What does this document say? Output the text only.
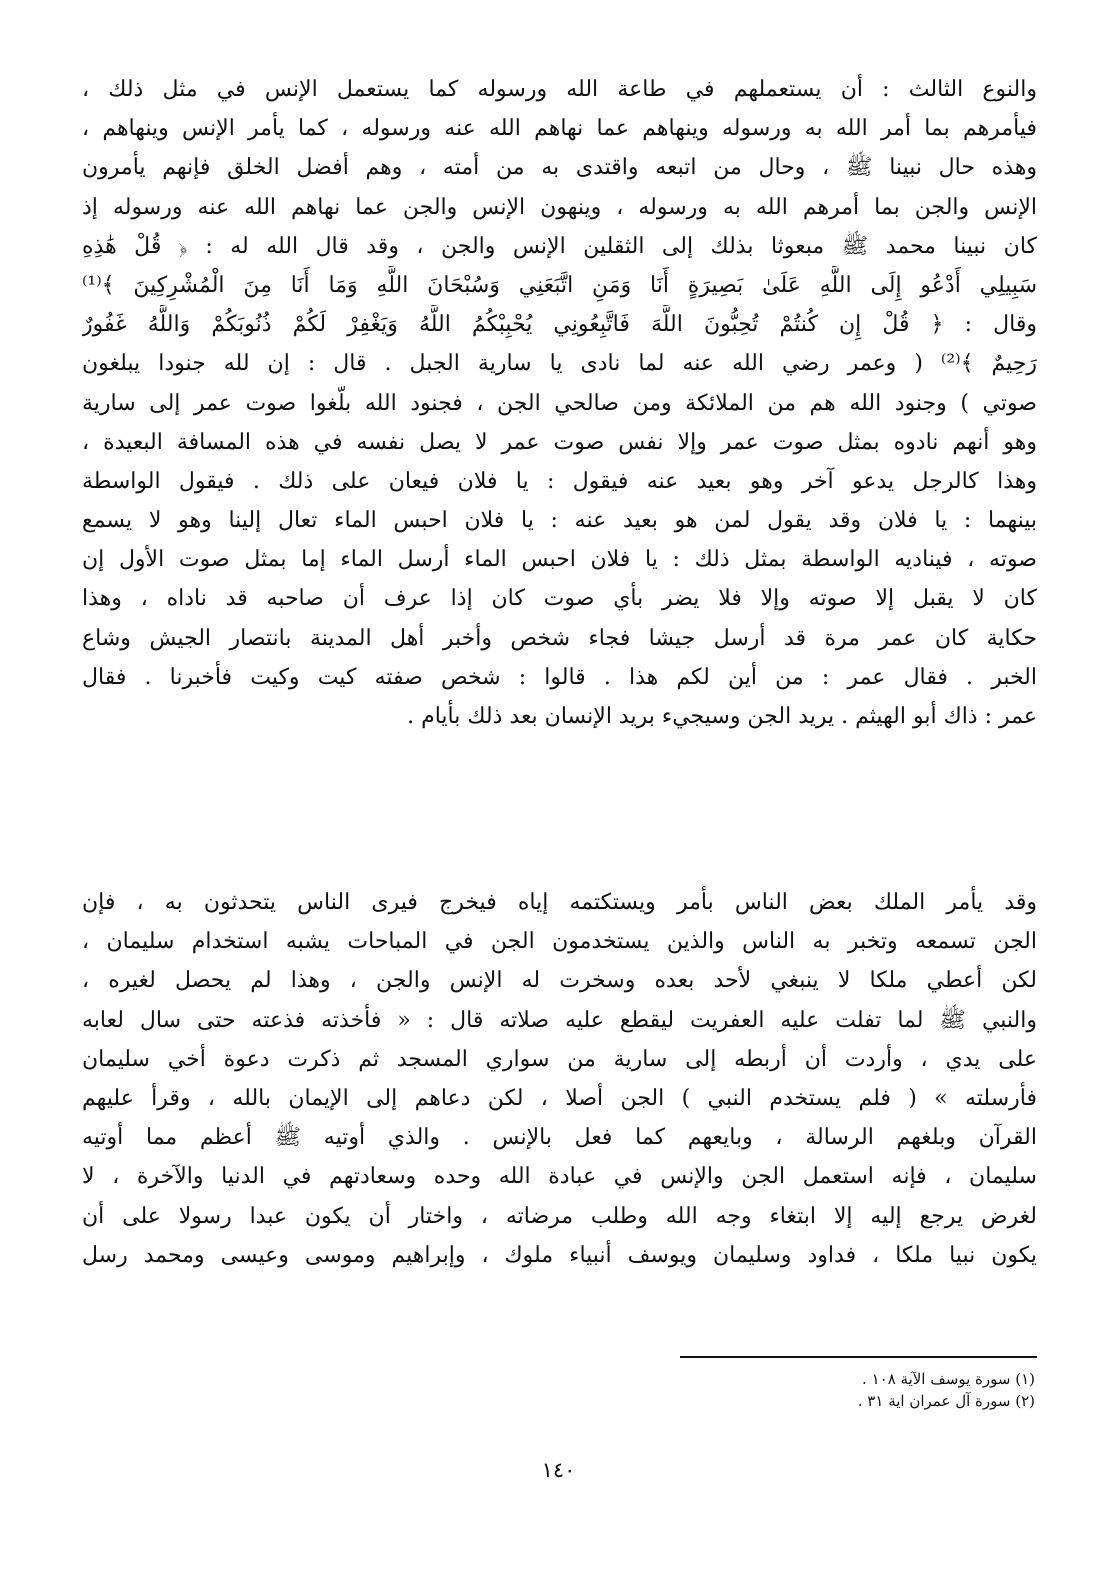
والنوع الثالث : أن يستعملهم في طاعة الله ورسوله كما يستعمل الإنس في مثل ذلك ،
فيأمرهم بما أمر الله به ورسوله وينهاهم عما نهاهم الله عنه ورسوله ، كما يأمر الإنس وينهاهم ،
وهذه حال نبينا ﷺ ، وحال من اتبعه واقتدى به من أمته ، وهم أفضل الخلق فإنهم يأمرون
الإنس والجن بما أمرهم الله به ورسوله ، وينهون الإنس والجن عما نهاهم الله عنه ورسوله إذ
كان نبينا محمد ﷺ مبعوثا بذلك إلى الثقلين الإنس والجن ، وقد قال الله له : ﴿ قُلْ هَٰذِهِ
سَبِيلِي أَدْعُو إِلَى اللَّهِ عَلَىٰ بَصِيرَةٍ أَنَا وَمَنِ اتَّبَعَنِي وَسُبْحَانَ اللَّهِ وَمَا أَنَا مِنَ الْمُشْرِكِينَ ﴾⁽¹⁾
وقال : ﴿ قُلْ إِن كُنتُمْ تُحِبُّونَ اللَّهَ فَاتَّبِعُونِي يُحْبِبْكُمُ اللَّهُ وَيَغْفِرْ لَكُمْ ذُنُوبَكُمْ وَاللَّهُ غَفُورٌ
رَحِيمٌ ﴾⁽²⁾ ( وعمر رضي الله عنه لما نادى يا سارية الجبل . قال : إن لله جنودا يبلغون
صوتي ) وجنود الله هم من الملائكة ومن صالحي الجن ، فجنود الله بلّغوا صوت عمر إلى سارية
وهو أنهم نادوه بمثل صوت عمر وإلا نفس صوت عمر لا يصل نفسه في هذه المسافة البعيدة ،
وهذا كالرجل يدعو آخر وهو بعيد عنه فيقول : يا فلان فيعان على ذلك . فيقول الواسطة
بينهما : يا فلان وقد يقول لمن هو بعيد عنه : يا فلان احبس الماء تعال إلينا وهو لا يسمع
صوته ، فيناديه الواسطة بمثل ذلك : يا فلان احبس الماء أرسل الماء إما بمثل صوت الأول إن
كان لا يقبل إلا صوته وإلا فلا يضر بأي صوت كان إذا عرف أن صاحبه قد ناداه ، وهذا
حكاية كان عمر مرة قد أرسل جيشا فجاء شخص وأخبر أهل المدينة بانتصار الجيش وشاع
الخبر . فقال عمر : من أين لكم هذا . قالوا : شخص صفته كيت وكيت فأخبرنا . فقال
عمر : ذاك أبو الهيثم . يريد الجن وسيجيء بريد الإنسان بعد ذلك بأيام .
وقد يأمر الملك بعض الناس بأمر ويستكتمه إياه فيخرج فيرى الناس يتحدثون به ، فإن
الجن تسمعه وتخبر به الناس والذين يستخدمون الجن في المباحات يشبه استخدام سليمان ،
لكن أعطي ملكا لا ينبغي لأحد بعده وسخرت له الإنس والجن ، وهذا لم يحصل لغيره ،
والنبي ﷺ لما تفلت عليه العفريت ليقطع عليه صلاته قال : « فأخذته فذعته حتى سال لعابه
على يدي ، وأردت أن أربطه إلى سارية من سواري المسجد ثم ذكرت دعوة أخي سليمان
فأرسلته » ( فلم يستخدم النبي ) الجن أصلا ، لكن دعاهم إلى الإيمان بالله ، وقرأ عليهم
القرآن وبلغهم الرسالة ، وبايعهم كما فعل بالإنس . والذي أوتيه ﷺ أعظم مما أوتيه
سليمان ، فإنه استعمل الجن والإنس في عبادة الله وحده وسعادتهم في الدنيا والآخرة ، لا
لغرض يرجع إليه إلا ابتغاء وجه الله وطلب مرضاته ، واختار أن يكون عبدا رسولا على أن
يكون نبيا ملكا ، فداود وسليمان ويوسف أنبياء ملوك ، وإبراهيم وموسى وعيسى ومحمد رسل
(١) سورة يوسف الآية ١٠٨ .
(٢) سورة آل عمران اية ٣١ .
١٤٠
